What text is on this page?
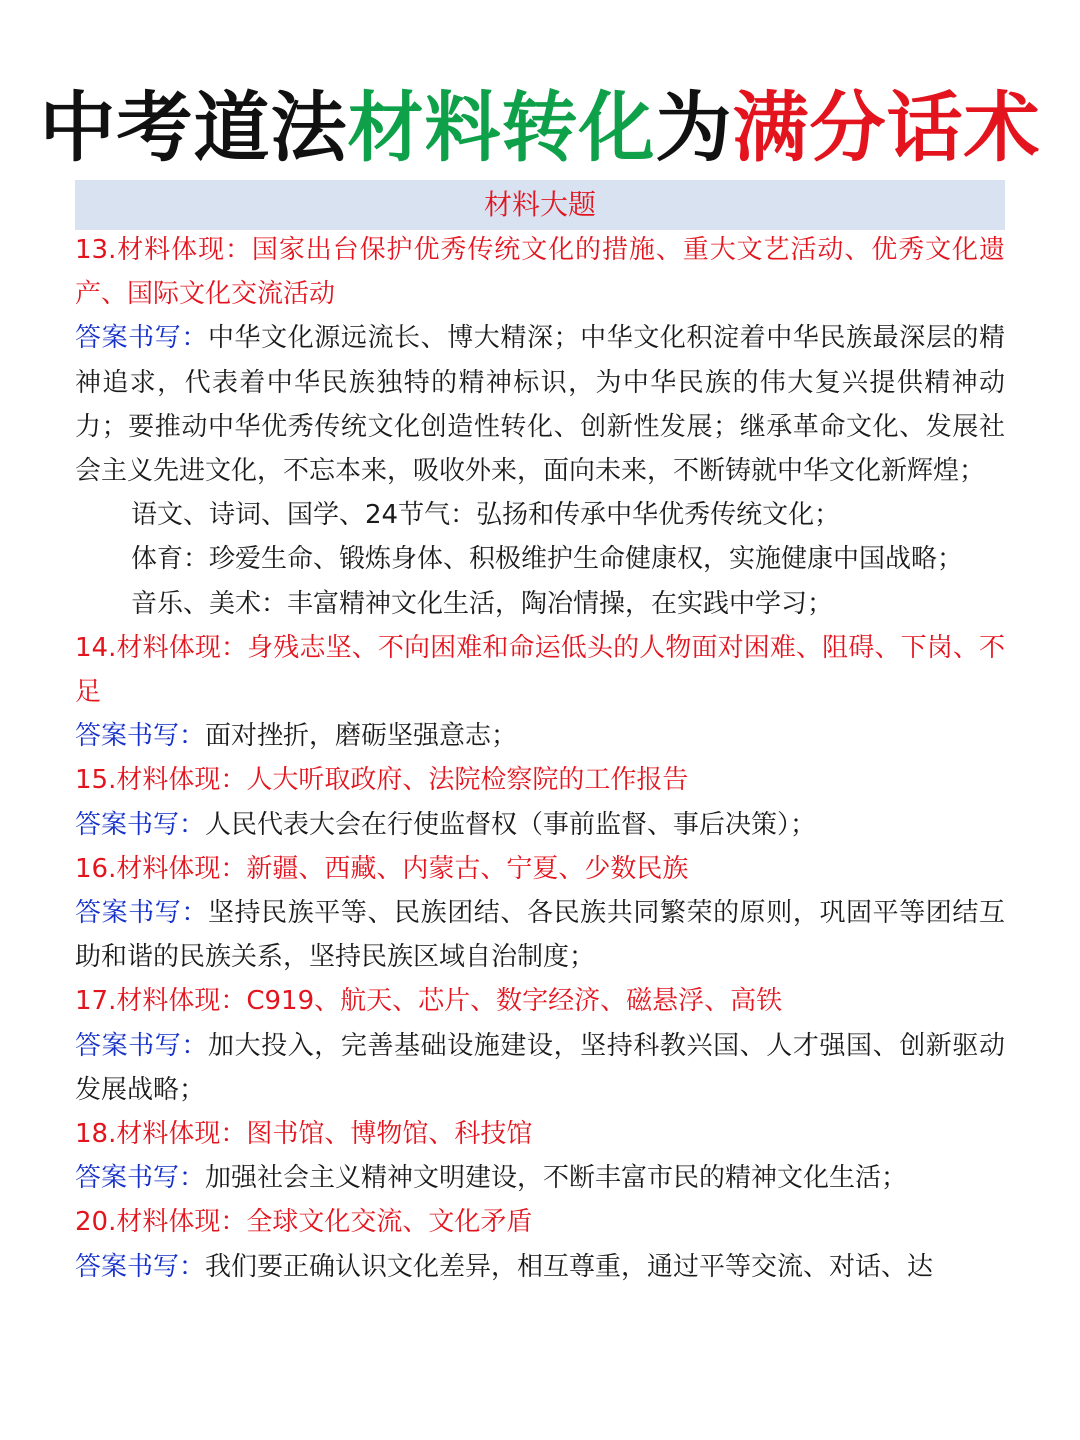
中考道法材料转化为满分话术
材料大题

13.材料体现：国家出台保护优秀传统文化的措施、重大文艺活动、优秀文化遗产、国际文化交流活动

答案书写：中华文化源远流长、博大精深；中华文化积淀着中华民族最深层的精神追求，代表着中华民族独特的精神标识，为中华民族的伟大复兴提供精神动力；要推动中华优秀传统文化创造性转化、创新性发展；继承革命文化、发展社会主义先进文化，不忘本来，吸收外来，面向未来，不断铸就中华文化新辉煌；

语文、诗词、国学、24节气：弘扬和传承中华优秀传统文化；

体育：珍爱生命、锻炼身体、积极维护生命健康权，实施健康中国战略；

音乐、美术：丰富精神文化生活，陶冶情操，在实践中学习；

14.材料体现：身残志坚、不向困难和命运低头的人物面对困难、阻碍、下岗、不足

答案书写：面对挫折，磨砺坚强意志；

15.材料体现：人大听取政府、法院检察院的工作报告

答案书写：人民代表大会在行使监督权（事前监督、事后决策）；

16.材料体现：新疆、西藏、内蒙古、宁夏、少数民族

答案书写：坚持民族平等、民族团结、各民族共同繁荣的原则，巩固平等团结互助和谐的民族关系，坚持民族区域自治制度；

17.材料体现：C919、航天、芯片、数字经济、磁悬浮、高铁

答案书写：加大投入，完善基础设施建设，坚持科教兴国、人才强国、创新驱动发展战略；

18.材料体现：图书馆、博物馆、科技馆

答案书写：加强社会主义精神文明建设，不断丰富市民的精神文化生活；

20.材料体现：全球文化交流、文化矛盾

答案书写：我们要正确认识文化差异，相互尊重，通过平等交流、对话、达
